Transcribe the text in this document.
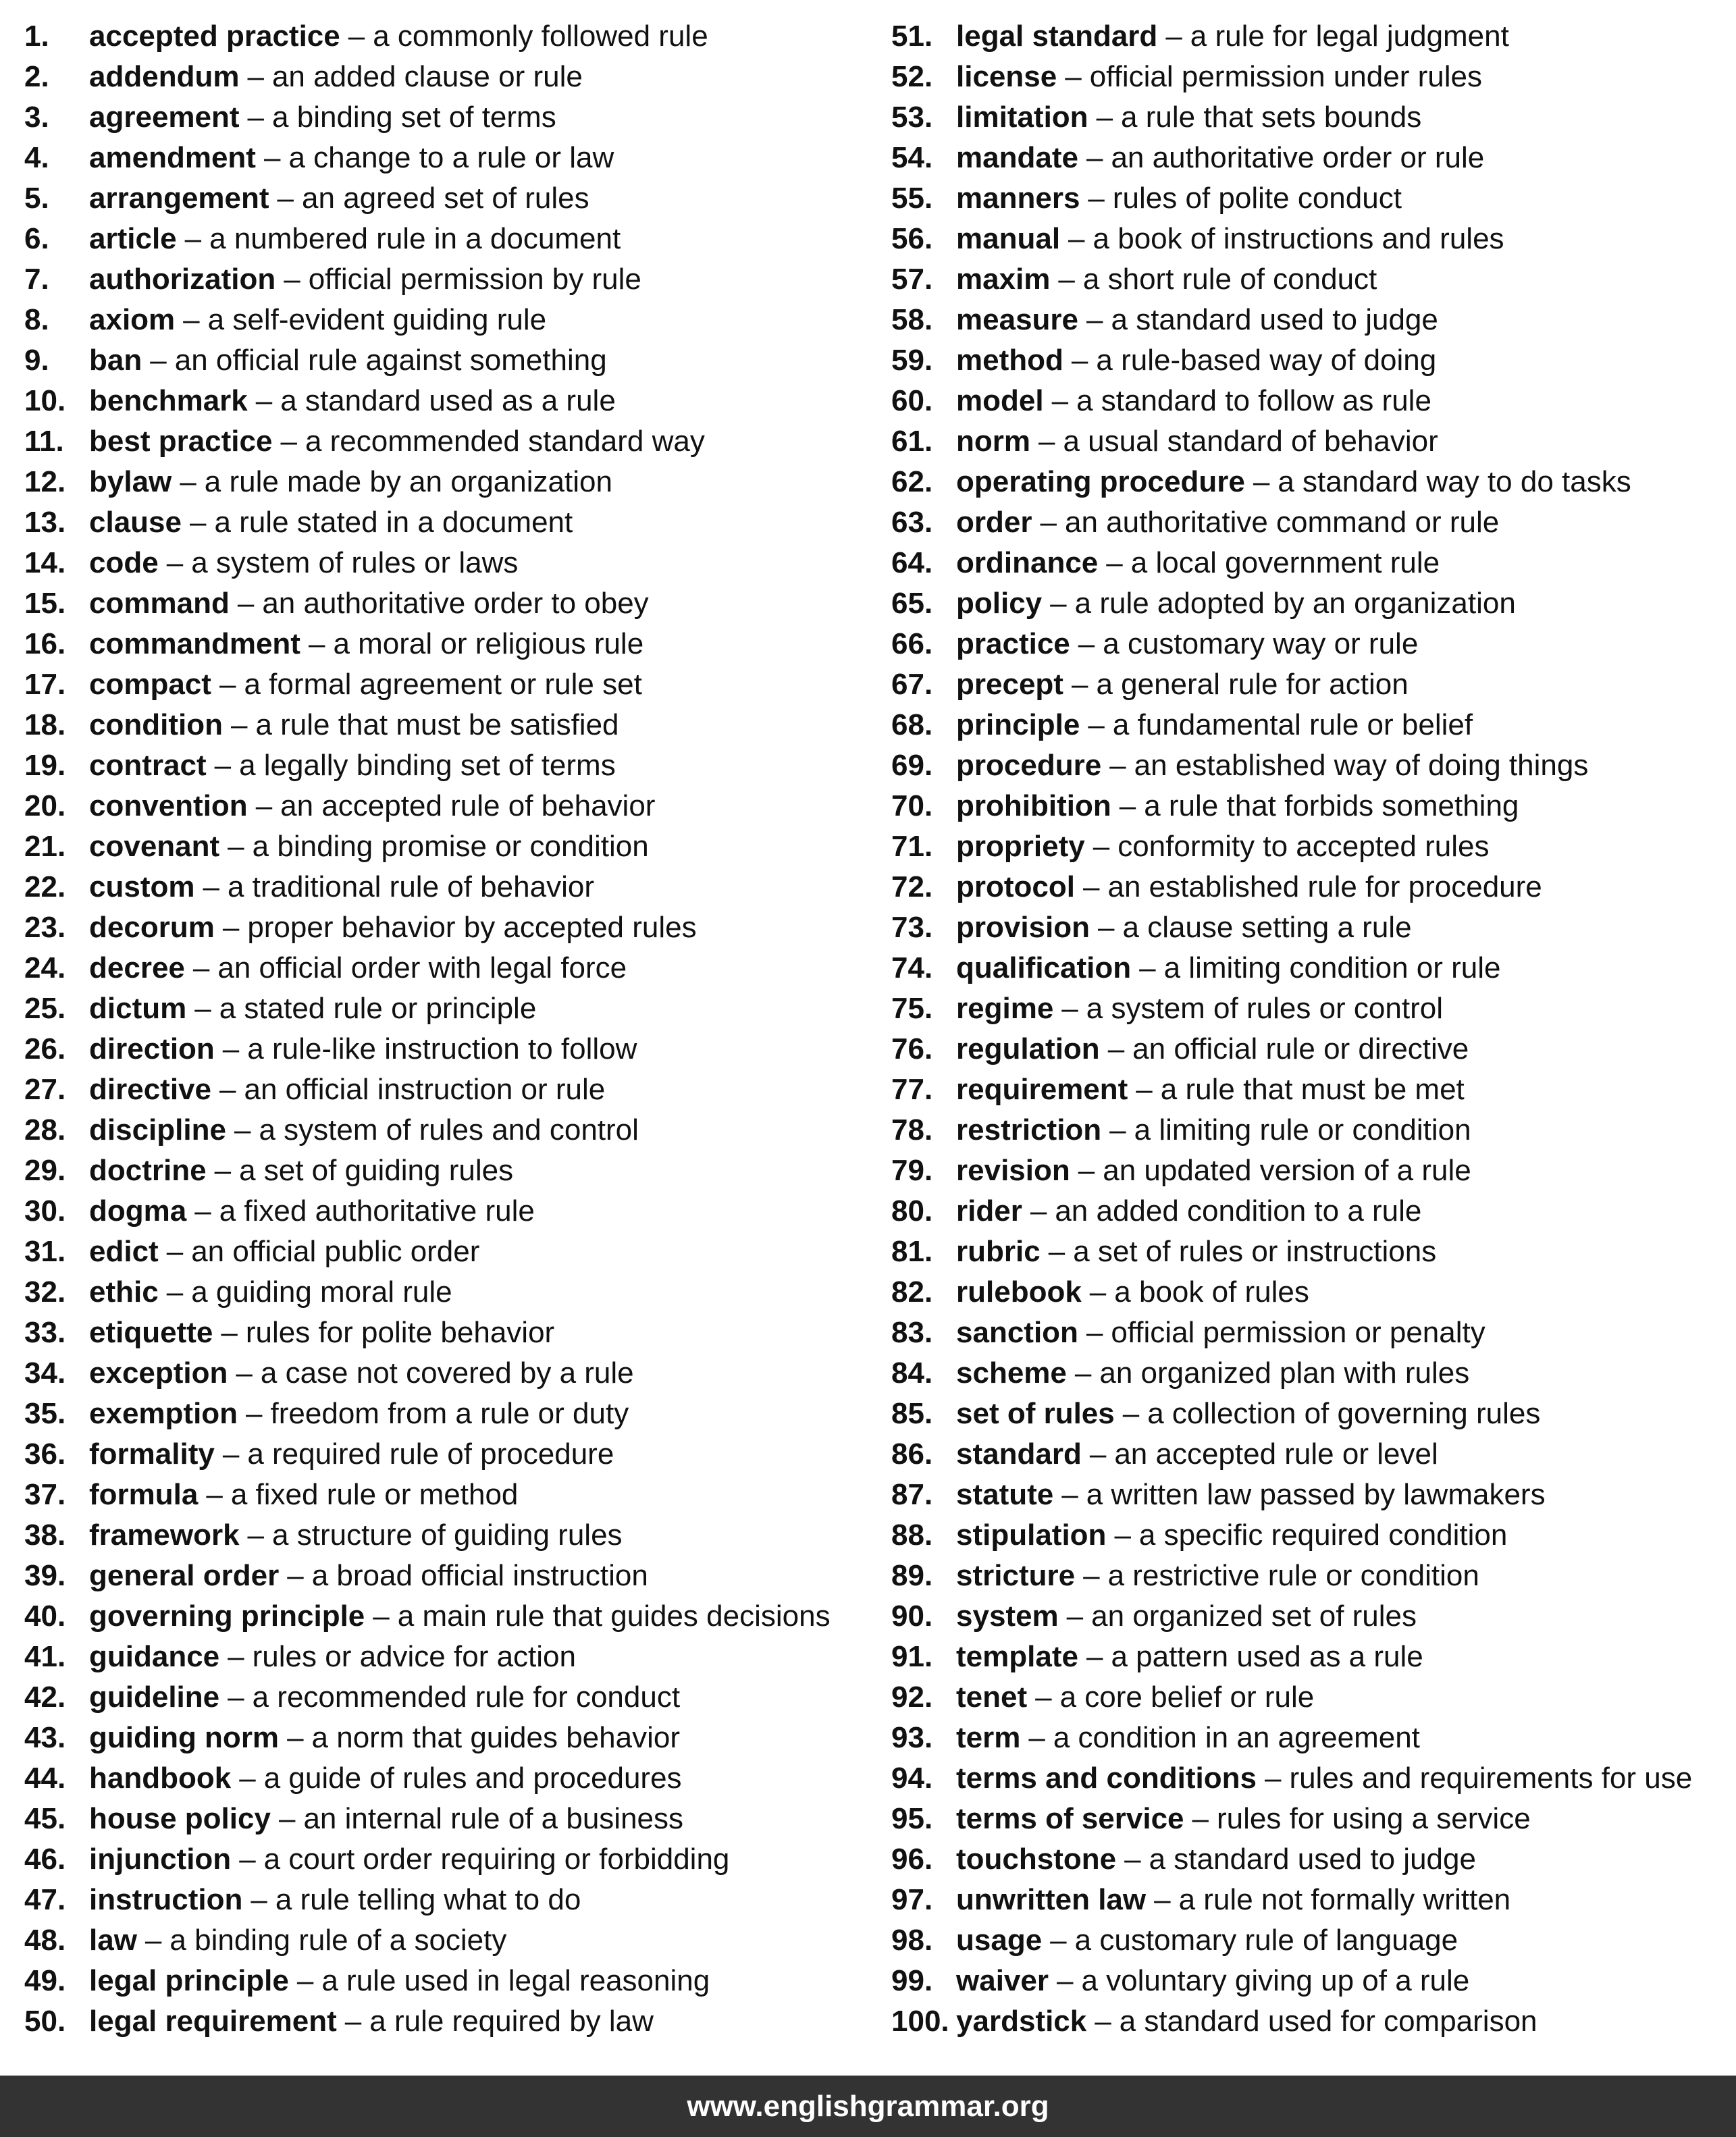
1.	accepted practice – a commonly followed rule
2.	addendum – an added clause or rule
3.	agreement – a binding set of terms
4.	amendment – a change to a rule or law
5.	arrangement – an agreed set of rules
6.	article – a numbered rule in a document
7.	authorization – official permission by rule
8.	axiom – a self-evident guiding rule
9.	ban – an official rule against something
10. benchmark – a standard used as a rule
11. best practice – a recommended standard way
12. bylaw – a rule made by an organization
13. clause – a rule stated in a document
14. code – a system of rules or laws
15. command – an authoritative order to obey
16. commandment – a moral or religious rule
17. compact – a formal agreement or rule set
18. condition – a rule that must be satisfied
19. contract – a legally binding set of terms
20. convention – an accepted rule of behavior
21. covenant – a binding promise or condition
22. custom – a traditional rule of behavior
23. decorum – proper behavior by accepted rules
24. decree – an official order with legal force
25. dictum – a stated rule or principle
26. direction – a rule-like instruction to follow
27. directive – an official instruction or rule
28. discipline – a system of rules and control
29. doctrine – a set of guiding rules
30. dogma – a fixed authoritative rule
31. edict – an official public order
32. ethic – a guiding moral rule
33. etiquette – rules for polite behavior
34. exception – a case not covered by a rule
35. exemption – freedom from a rule or duty
36. formality – a required rule of procedure
37. formula – a fixed rule or method
38. framework – a structure of guiding rules
39. general order – a broad official instruction
40. governing principle – a main rule that guides decisions
41. guidance – rules or advice for action
42. guideline – a recommended rule for conduct
43. guiding norm – a norm that guides behavior
44. handbook – a guide of rules and procedures
45. house policy – an internal rule of a business
46. injunction – a court order requiring or forbidding
47. instruction – a rule telling what to do
48. law – a binding rule of a society
49. legal principle – a rule used in legal reasoning
50. legal requirement – a rule required by law
51. legal standard – a rule for legal judgment
52. license – official permission under rules
53. limitation – a rule that sets bounds
54. mandate – an authoritative order or rule
55. manners – rules of polite conduct
56. manual – a book of instructions and rules
57. maxim – a short rule of conduct
58. measure – a standard used to judge
59. method – a rule-based way of doing
60. model – a standard to follow as rule
61. norm – a usual standard of behavior
62. operating procedure – a standard way to do tasks
63. order – an authoritative command or rule
64. ordinance – a local government rule
65. policy – a rule adopted by an organization
66. practice – a customary way or rule
67. precept – a general rule for action
68. principle – a fundamental rule or belief
69. procedure – an established way of doing things
70. prohibition – a rule that forbids something
71. propriety – conformity to accepted rules
72. protocol – an established rule for procedure
73. provision – a clause setting a rule
74. qualification – a limiting condition or rule
75. regime – a system of rules or control
76. regulation – an official rule or directive
77. requirement – a rule that must be met
78. restriction – a limiting rule or condition
79. revision – an updated version of a rule
80. rider – an added condition to a rule
81. rubric – a set of rules or instructions
82. rulebook – a book of rules
83. sanction – official permission or penalty
84. scheme – an organized plan with rules
85. set of rules – a collection of governing rules
86. standard – an accepted rule or level
87. statute – a written law passed by lawmakers
88. stipulation – a specific required condition
89. stricture – a restrictive rule or condition
90. system – an organized set of rules
91. template – a pattern used as a rule
92. tenet – a core belief or rule
93. term – a condition in an agreement
94. terms and conditions – rules and requirements for use
95. terms of service – rules for using a service
96. touchstone – a standard used to judge
97. unwritten law – a rule not formally written
98. usage – a customary rule of language
99. waiver – a voluntary giving up of a rule
100. yardstick – a standard used for comparison
www.englishgrammar.org
